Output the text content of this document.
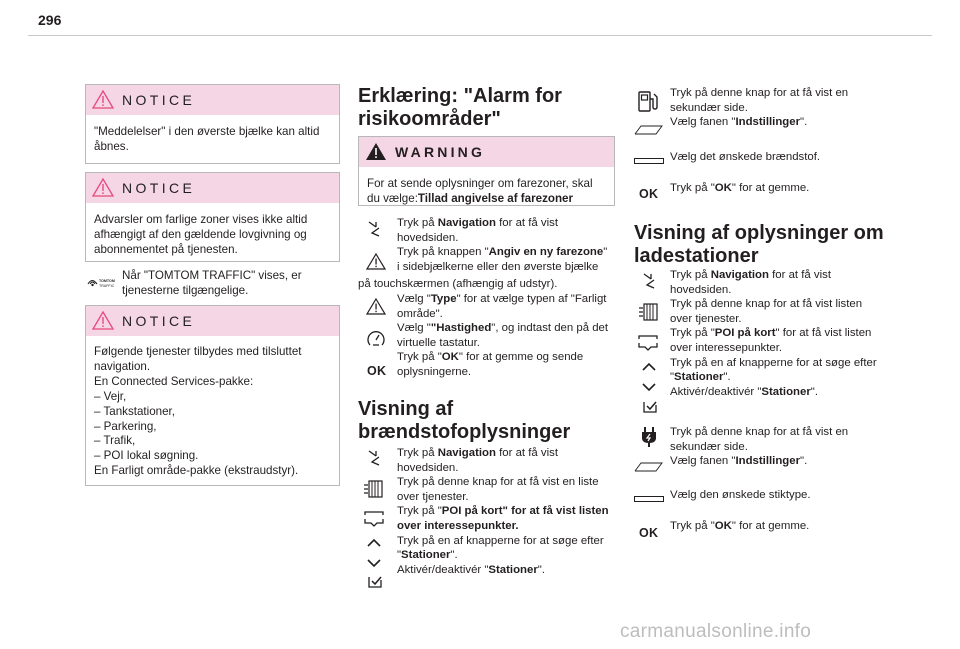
296
NOTICE
"Meddelelser" i den øverste bjælke kan altid
åbnes.
NOTICE
Advarsler om farlige zoner vises ikke altid
afhængigt af den gældende lovgivning og
abonnementet på tjenesten.
TOMTOM
TRAFFIC
Når "TOMTOM TRAFFIC" vises, er
tjenesterne tilgængelige.
NOTICE
Følgende tjenester tilbydes med tilsluttet
navigation.
En Connected Services-pakke:
– Vejr,
– Tankstationer,
– Parkering,
– Trafik,
– POI lokal søgning.
En Farligt område-pakke (ekstraudstyr).
Erklæring: "Alarm for
risikoområder"
WARNING
For at sende oplysninger om farezoner, skal
du vælge:Tillad angivelse af farezoner
OK
Tryk på Navigation for at få vist
hovedsiden.
Tryk på knappen "Angiv en ny farezone"
i sidebjælkerne eller den øverste bjælke
på touchskærmen (afhængig af udstyr).
Vælg "Type" for at vælge typen af "Farligt
område".
Vælg ""Hastighed", og indtast den på det
virtuelle tastatur.
Tryk på "OK" for at gemme og sende
oplysningerne.
Visning af
brændstofoplysninger
Tryk på Navigation for at få vist
hovedsiden.
Tryk på denne knap for at få vist en liste
over tjenester.
Tryk på "POI på kort" for at få vist listen
over interessepunkter.
Tryk på en af knapperne for at søge efter
"Stationer".
Aktivér/deaktivér "Stationer".
OK
Tryk på denne knap for at få vist en
sekundær side.
Vælg fanen "Indstillinger".
Vælg det ønskede brændstof.
Tryk på "OK" for at gemme.
Visning af oplysninger om
ladestationer
OK
Tryk på Navigation for at få vist
hovedsiden.
Tryk på denne knap for at få vist listen
over tjenester.
Tryk på "POI på kort" for at få vist listen
over interessepunkter.
Tryk på en af knapperne for at søge efter
"Stationer".
Aktivér/deaktivér "Stationer".
Tryk på denne knap for at få vist en
sekundær side.
Vælg fanen "Indstillinger".
Vælg den ønskede stiktype.
Tryk på "OK" for at gemme.
carmanualsonline.info
